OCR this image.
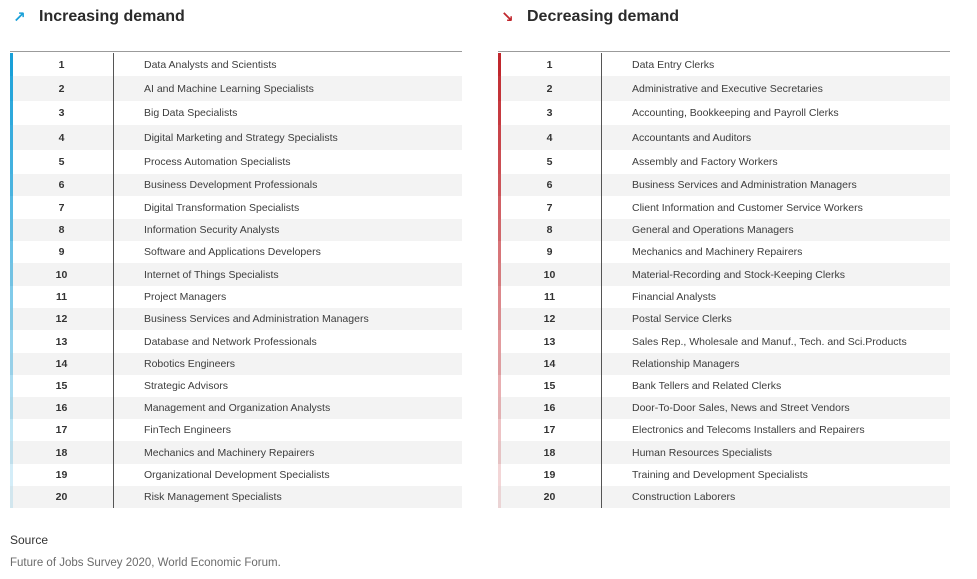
↗ Increasing demand
1	Data Analysts and Scientists
2	AI and Machine Learning Specialists
3	Big Data Specialists
4	Digital Marketing and Strategy Specialists
5	Process Automation Specialists
6	Business Development Professionals
7	Digital Transformation Specialists
8	Information Security Analysts
9	Software and Applications Developers
10	Internet of Things Specialists
11	Project Managers
12	Business Services and Administration Managers
13	Database and Network Professionals
14	Robotics Engineers
15	Strategic Advisors
16	Management and Organization Analysts
17	FinTech Engineers
18	Mechanics and Machinery Repairers
19	Organizational Development Specialists
20	Risk Management Specialists
↘ Decreasing demand
1	Data Entry Clerks
2	Administrative and Executive Secretaries
3	Accounting, Bookkeeping and Payroll Clerks
4	Accountants and Auditors
5	Assembly and Factory Workers
6	Business Services and Administration Managers
7	Client Information and Customer Service Workers
8	General and Operations Managers
9	Mechanics and Machinery Repairers
10	Material-Recording and Stock-Keeping Clerks
11	Financial Analysts
12	Postal Service Clerks
13	Sales Rep., Wholesale and Manuf., Tech. and Sci.Products
14	Relationship Managers
15	Bank Tellers and Related Clerks
16	Door-To-Door Sales, News and Street Vendors
17	Electronics and Telecoms Installers and Repairers
18	Human Resources Specialists
19	Training and Development Specialists
20	Construction Laborers
Source
Future of Jobs Survey 2020, World Economic Forum.
